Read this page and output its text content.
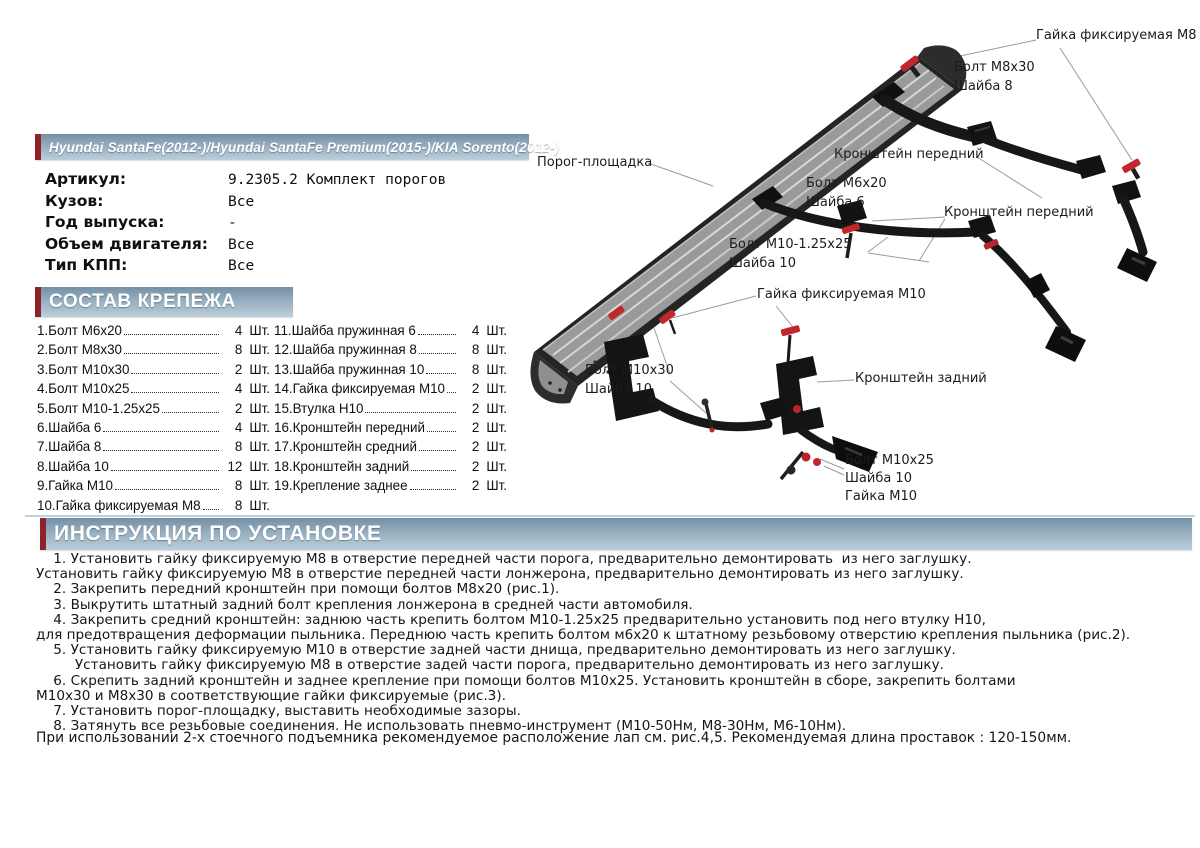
Hyundai SantaFe(2012-)/Hyundai SantaFe Premium(2015-)/KIA Sorento(2012-)
Артикул:	9.2305.2 Комплект порогов
Кузов:	Все
Год выпуска:	-
Объем двигателя:	Все
Тип КПП:	Все
СОСТАВ КРЕПЕЖА
1.Болт М6х20	4 Шт.
2.Болт М8х30	8 Шт.
3.Болт М10х30	2 Шт.
4.Болт М10х25	4 Шт.
5.Болт М10-1.25х25	2 Шт.
6.Шайба 6	4 Шт.
7.Шайба 8	8 Шт.
8.Шайба 10	12 Шт.
9.Гайка М10	8 Шт.
10.Гайка фиксируемая М8	8 Шт.
11.Шайба пружинная 6	4 Шт.
12.Шайба пружинная 8	8 Шт.
13.Шайба пружинная 10	8 Шт.
14.Гайка фиксируемая М10	2 Шт.
15.Втулка Н10	2 Шт.
16.Кронштейн передний	2 Шт.
17.Кронштейн средний	2 Шт.
18.Кронштейн задний	2 Шт.
19.Крепление заднее	2 Шт.
Гайка фиксируемая М8
Болт М8х30
Шайба 8
Порог-площадка
Кронштейн передний
Болт М6х20
Шайба 6
Кронштейн передний
Болт М10-1.25х25
Шайба 10
Гайка фиксируемая М10
Болт М10х30
Шайба 10
Кронштейн задний
Болт М10х25
Шайба 10
Гайка М10
ИНСТРУКЦИЯ ПО УСТАНОВКЕ
1. Установить гайку фиксируемую М8 в отверстие передней части порога, предварительно демонтировать  из него заглушку.
Установить гайку фиксируемую М8 в отверстие передней части лонжерона, предварительно демонтировать из него заглушку.
2. Закрепить передний кронштейн при помощи болтов М8х20 (рис.1).
3. Выкрутить штатный задний болт крепления лонжерона в средней части автомобиля.
4. Закрепить средний кронштейн: заднюю часть крепить болтом М10-1.25х25 предварительно установить под него втулку Н10,
для предотвращения деформации пыльника. Переднюю часть крепить болтом м6х20 к штатному резьбовому отверстию крепления пыльника (рис.2).
5. Установить гайку фиксируемую М10 в отверстие задней части днища, предварительно демонтировать из него заглушку.
Установить гайку фиксируемую М8 в отверстие задей части порога, предварительно демонтировать из него заглушку.
6. Скрепить задний кронштейн и заднее крепление при помощи болтов М10х25. Установить кронштейн в сборе, закрепить болтами
М10х30 и М8х30 в соответствующие гайки фиксируемые (рис.3).
7. Установить порог-площадку, выставить необходимые зазоры.
8. Затянуть все резьбовые соединения. Не использовать пневмо-инструмент (М10-50Нм, М8-30Нм, М6-10Нм).
При использовании 2-х стоечного подъемника рекомендуемое расположение лап см. рис.4,5. Рекомендуемая длина проставок : 120-150мм.
